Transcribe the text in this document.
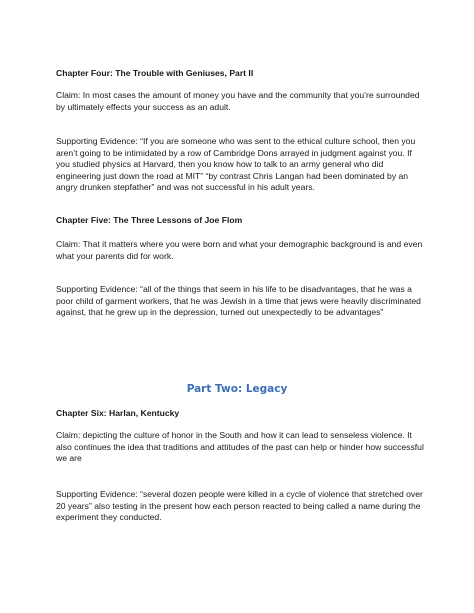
Chapter Four: The Trouble with Geniuses, Part II

Claim: In most cases the amount of money you have and the community that you’re surrounded by ultimately effects your success as an adult.

Supporting Evidence: “If you are someone who was sent to the ethical culture school, then you aren’t going to be intimidated by a row of Cambridge Dons arrayed in judgment against you. If you studied physics at Harvard, then you know how to talk to an army general who did engineering just down the road at MIT” “by contrast Chris Langan had been dominated by an angry drunken stepfather” and was not successful in his adult years.

Chapter Five: The Three Lessons of Joe Flom

Claim: That it matters where you were born and what your demographic background is and even what your parents did for work.

Supporting Evidence: “all of the things that seem in his life to be disadvantages, that he was a poor child of garment workers, that he was Jewish in a time that jews were heavily discriminated against, that he grew up in the depression, turned out unexpectedly to be advantages”

Part Two: Legacy

Chapter Six: Harlan, Kentucky

Claim: depicting the culture of honor in the South and how it can lead to senseless violence. It also continues the idea that traditions and attitudes of the past can help or hinder how successful we are

Supporting Evidence: “several dozen people were killed in a cycle of violence that stretched over 20 years” also testing in the present how each person reacted to being called a name during the experiment they conducted.
